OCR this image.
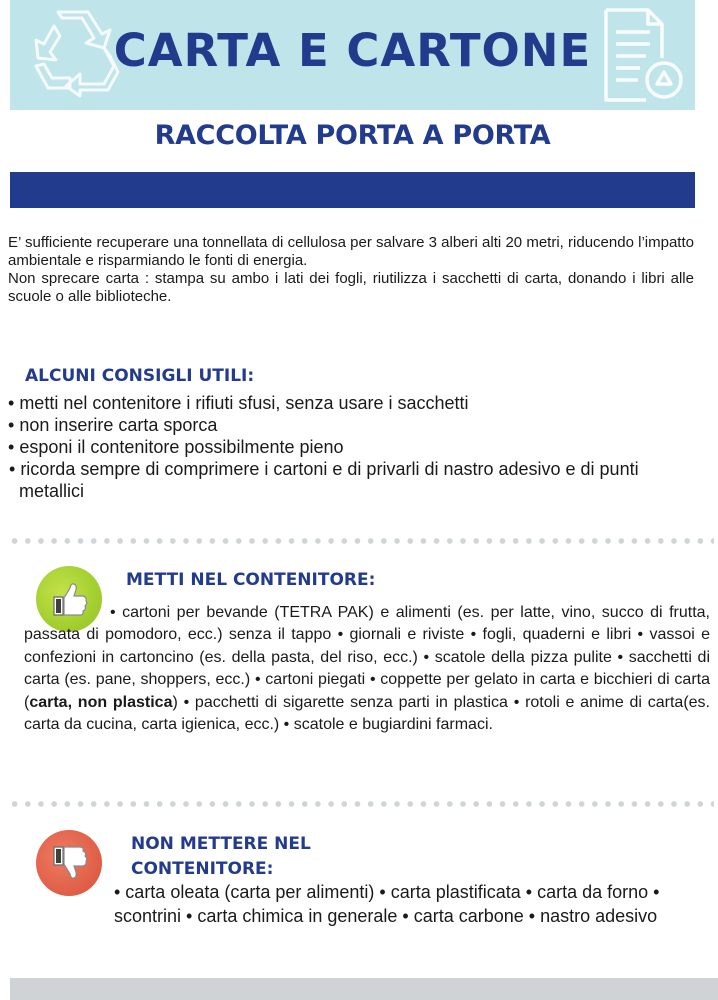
CARTA E CARTONE
RACCOLTA PORTA A PORTA

E’ sufficiente recuperare una tonnellata di cellulosa per salvare 3 alberi alti 20 metri, riducendo l’impatto ambientale e risparmiando le fonti di energia.

Non sprecare carta : stampa su ambo i lati dei fogli, riutilizza i sacchetti di carta, donando i libri alle scuole o alle biblioteche.

ALCUNI CONSIGLI UTILI:
• metti nel contenitore i rifiuti sfusi, senza usare i sacchetti
• non inserire carta sporca
• esponi il contenitore possibilmente pieno
• ricorda sempre di comprimere i cartoni e di privarli di nastro adesivo e di punti metallici
METTI NEL CONTENITORE:
• cartoni per bevande (TETRA PAK) e alimenti (es. per latte, vino, succo di frutta, passata di pomodoro, ecc.) senza il tappo • giornali e riviste • fogli, quaderni e libri • vassoi e confezioni in cartoncino (es. della pasta, del riso, ecc.) • scatole della pizza pulite • sacchetti di carta (es. pane, shoppers, ecc.) • cartoni piegati • coppette per gelato in carta e bicchieri di carta (carta, non plastica) • pacchetti di sigarette senza parti in plastica • rotoli e anime di carta(es. carta da cucina, carta igienica, ecc.) • scatole e bugiardini farmaci.
NON METTERE NEL
CONTENITORE:
• carta oleata (carta per alimenti) • carta plastificata • carta da forno • scontrini • carta chimica in generale • carta carbone • nastro adesivo
